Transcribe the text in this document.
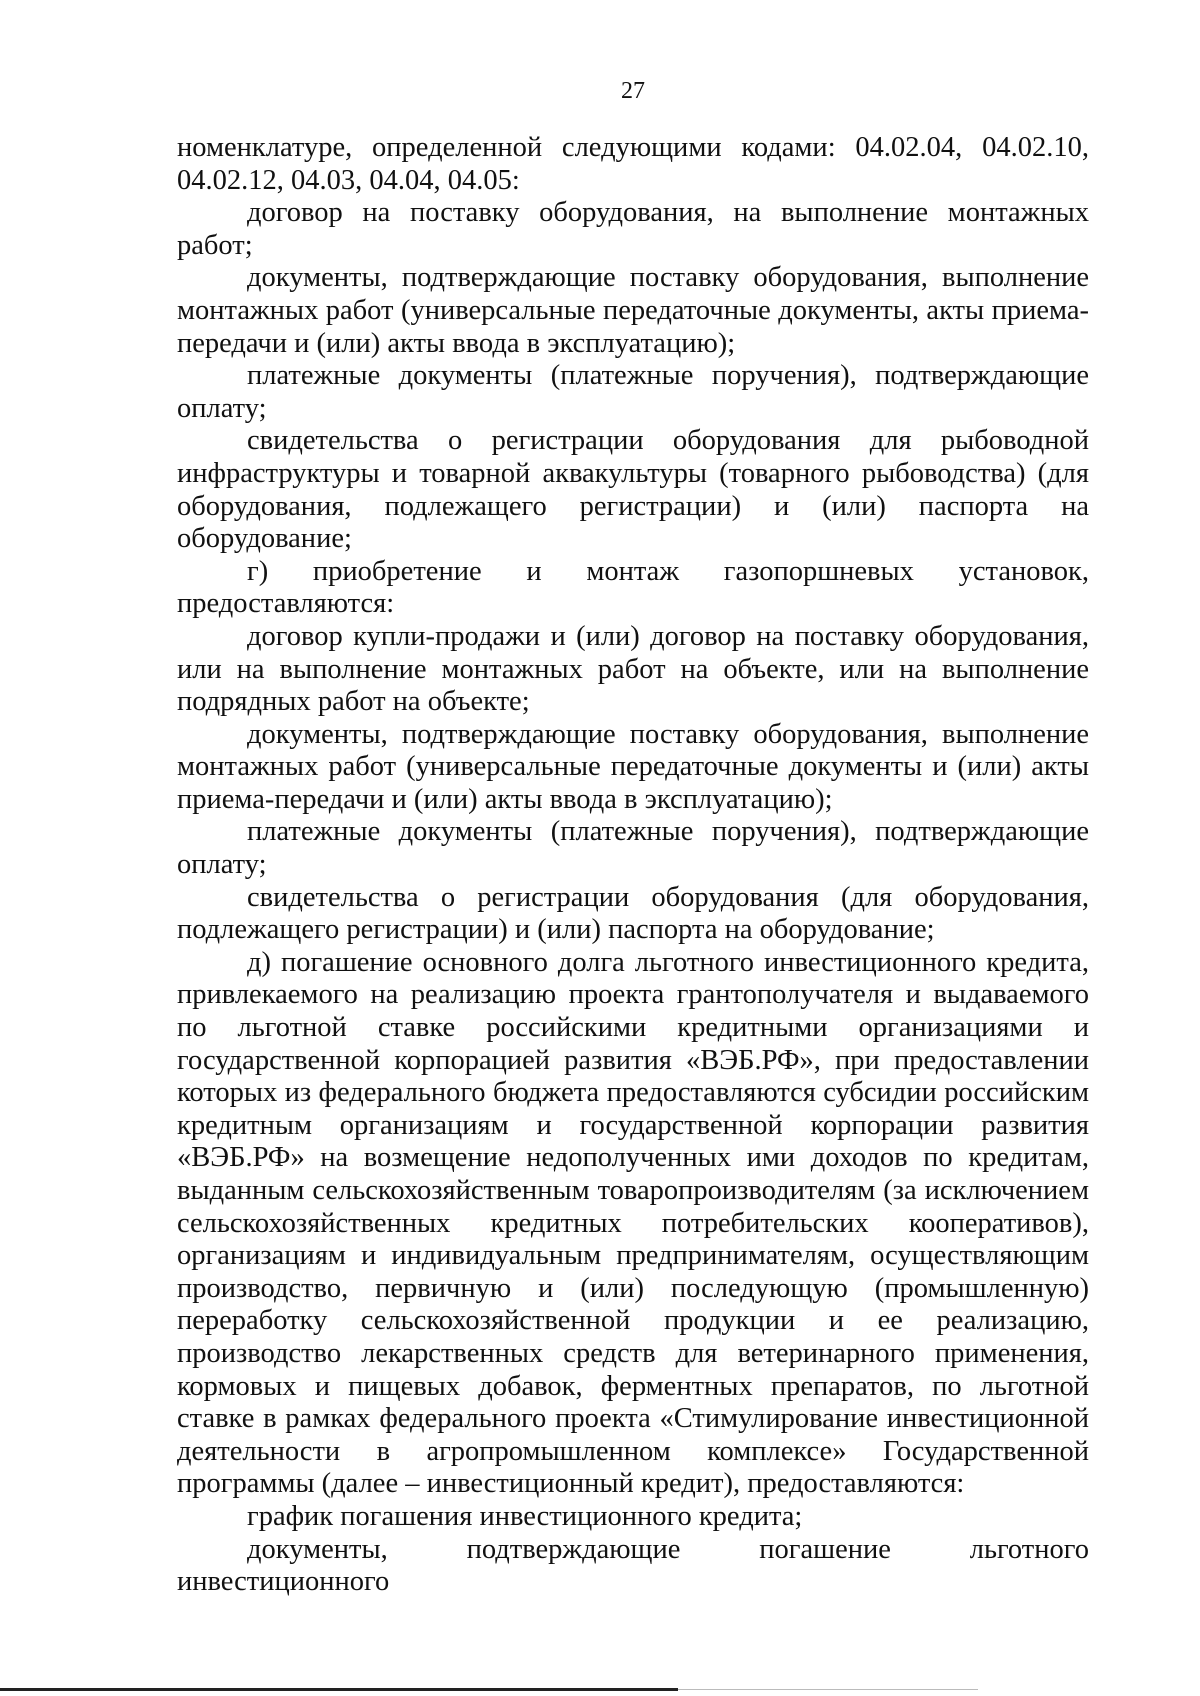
27

номенклатуре, определенной следующими кодами: 04.02.04, 04.02.10, 04.02.12, 04.03, 04.04, 04.05:

договор на поставку оборудования, на выполнение монтажных работ;

документы, подтверждающие поставку оборудования, выполнение монтажных работ (универсальные передаточные документы, акты приема-передачи и (или) акты ввода в эксплуатацию);

платежные документы (платежные поручения), подтверждающие оплату;

свидетельства о регистрации оборудования для рыбоводной инфраструктуры и товарной аквакультуры (товарного рыбоводства) (для оборудования, подлежащего регистрации) и (или) паспорта на оборудование;

г) приобретение и монтаж газопоршневых установок, предоставляются:

договор купли-продажи и (или) договор на поставку оборудования, или на выполнение монтажных работ на объекте, или на выполнение подрядных работ на объекте;

документы, подтверждающие поставку оборудования, выполнение монтажных работ (универсальные передаточные документы и (или) акты приема-передачи и (или) акты ввода в эксплуатацию);

платежные документы (платежные поручения), подтверждающие оплату;

свидетельства о регистрации оборудования (для оборудования, подлежащего регистрации) и (или) паспорта на оборудование;

д) погашение основного долга льготного инвестиционного кредита, привлекаемого на реализацию проекта грантополучателя и выдаваемого по льготной ставке российскими кредитными организациями и государственной корпорацией развития «ВЭБ.РФ», при предоставлении которых из федерального бюджета предоставляются субсидии российским кредитным организациям и государственной корпорации развития «ВЭБ.РФ» на возмещение недополученных ими доходов по кредитам, выданным сельскохозяйственным товаропроизводителям (за исключением сельскохозяйственных кредитных потребительских кооперативов), организациям и индивидуальным предпринимателям, осуществляющим производство, первичную и (или) последующую (промышленную) переработку сельскохозяйственной продукции и ее реализацию, производство лекарственных средств для ветеринарного применения, кормовых и пищевых добавок, ферментных препаратов, по льготной ставке в рамках федерального проекта «Стимулирование инвестиционной деятельности в агропромышленном комплексе» Государственной программы (далее – инвестиционный кредит), предоставляются:

график погашения инвестиционного кредита;

документы, подтверждающие погашение льготного инвестиционного
